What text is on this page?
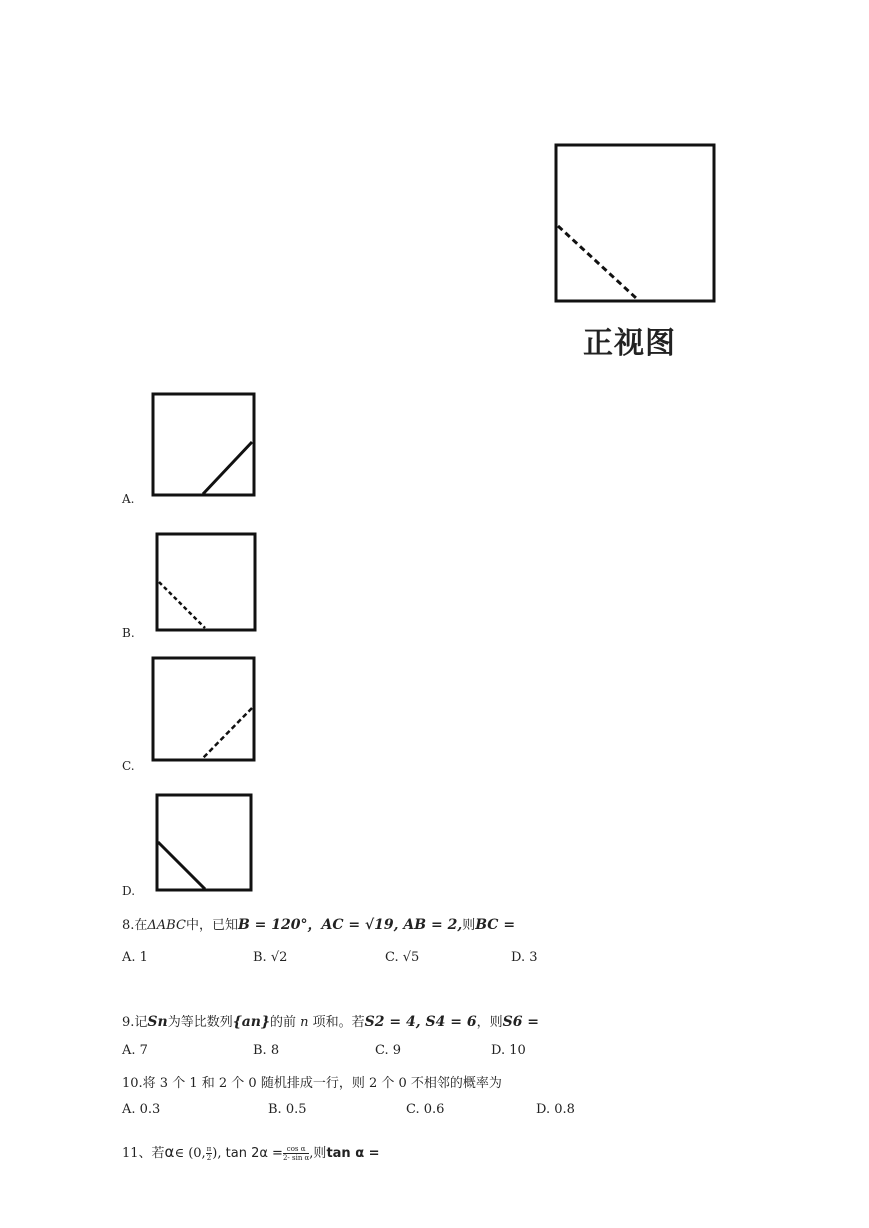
正视图
A.
B.
C.
D.
8.在ΔABC中，已知B = 120°，AC = √19, AB = 2,则BC =
A. 1	B. √2	C. √5	D. 3
9.记Sn为等比数列{an}的前 n 项和。若S2 = 4, S4 = 6，则S6 =
A. 7	B. 8	C. 9	D. 10
10.将 3 个 1 和 2 个 0 随机排成一行，则 2 个 0 不相邻的概率为
A. 0.3	B. 0.5	C. 0.6	D. 0.8
11、若α∈ (0, $\frac{\pi}{2}$ ), $\tan 2\alpha = \frac{\text{cos α}}{\text{2- sin α}}$ ,则tan α =
